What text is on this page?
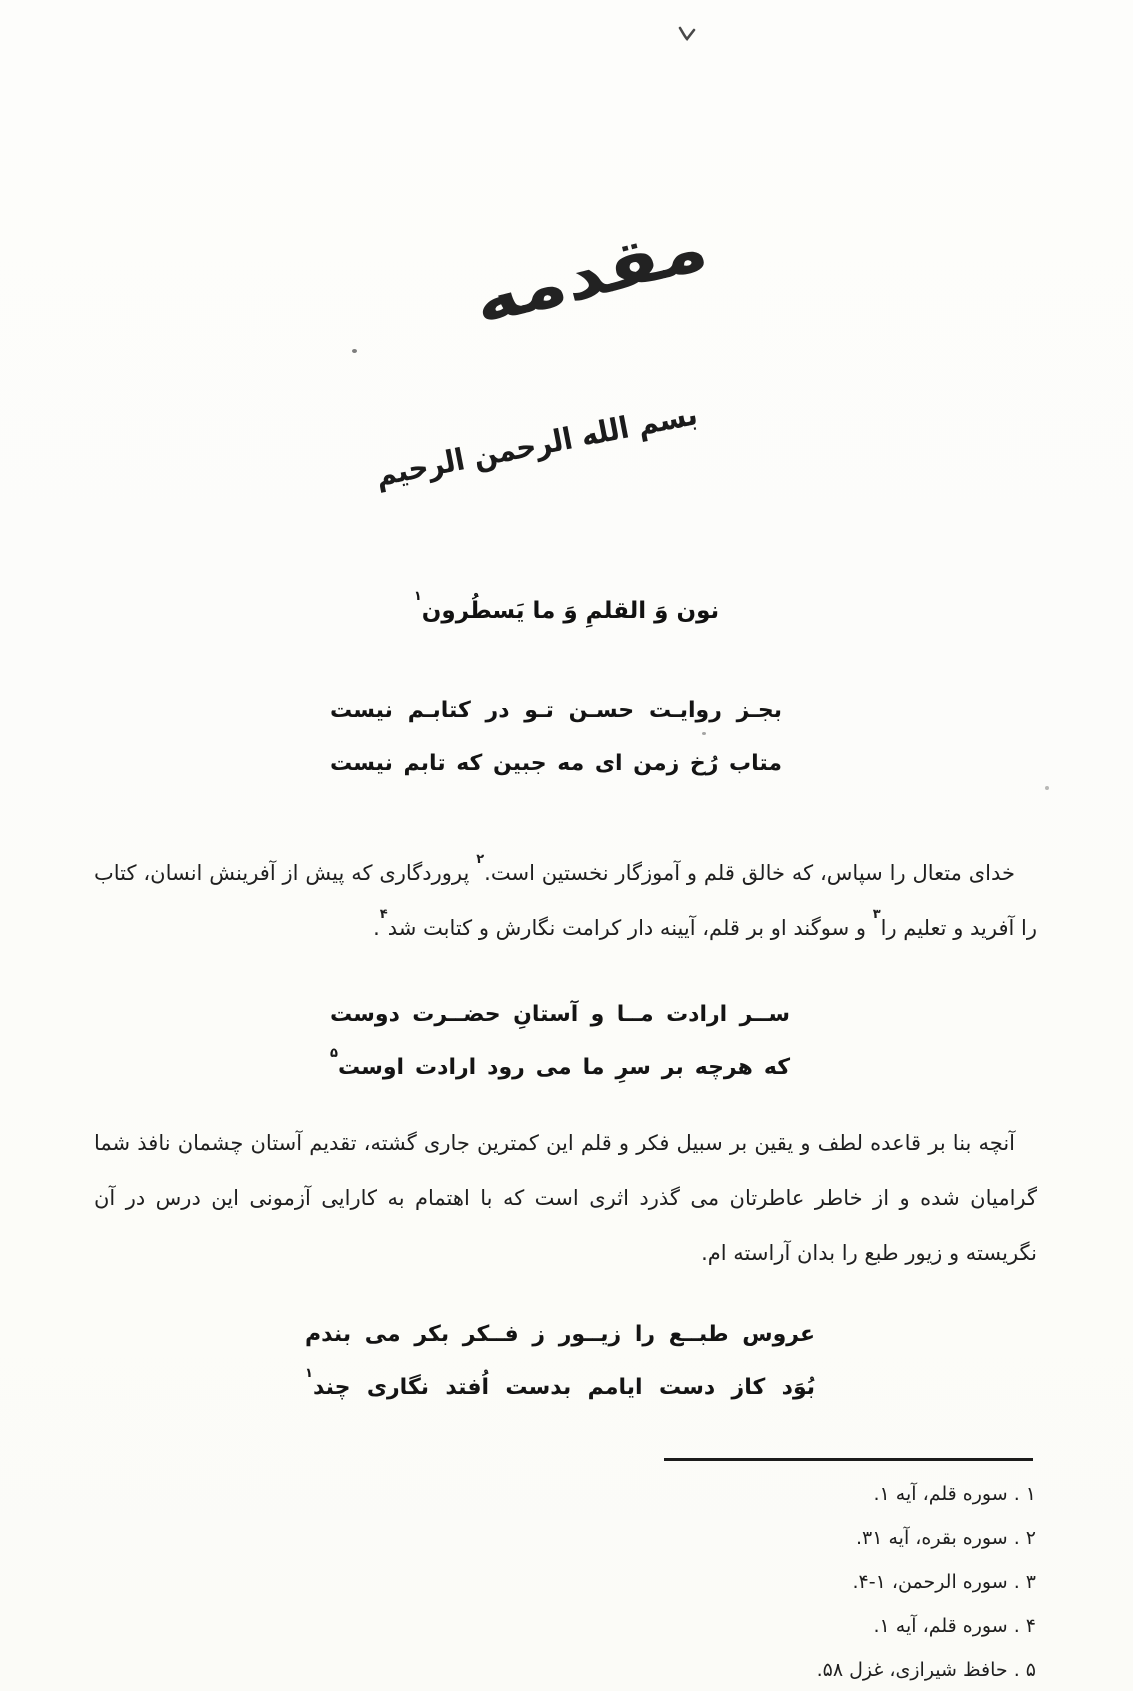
مقدمه
بسم الله الرحمن الرحیم
نون وَ القلمِ وَ ما یَسطُرون$^۱$
بجـز روایـت حسـن تـو در کتابـم نیست
متاب رُخ زمن ای مه جبین که تابم نیست

خدای متعال را سپاس، که خالق قلم و آموزگار نخستین است.$^۲$ پروردگاری که پیش از آفرینش انسان، کتاب را آفرید و تعلیم را$^۳$ و سوگند او بر قلم، آیینه دار کرامت نگارش و کتابت شد$^۴$.

ســر ارادت مــا و آستانِ حضــرت دوست
که هرچه بر سرِ ما می رود ارادت اوست$^۵$

آنچه بنا بر قاعده لطف و یقین بر سبیل فکر و قلم این کمترین جاری گشته، تقدیم آستان چشمان نافذ شما گرامیان شده و از خاطر عاطرتان می گذرد اثری است که با اهتمام به کارایی آزمونی این درس در آن نگریسته و زیور طبع را بدان آراسته ام.

عروس طبــع را زیــور ز فــکر بکر می بندم
بُوَد کاز دست ایامم بدست اُفتد نگاری چند$^۱$
۱ . سوره قلم، آیه ۱.
۲ . سوره بقره، آیه ۳۱.
۳ . سوره الرحمن، ۱-۴.
۴ . سوره قلم، آیه ۱.
۵ . حافظ شیرازی، غزل ۵۸.
